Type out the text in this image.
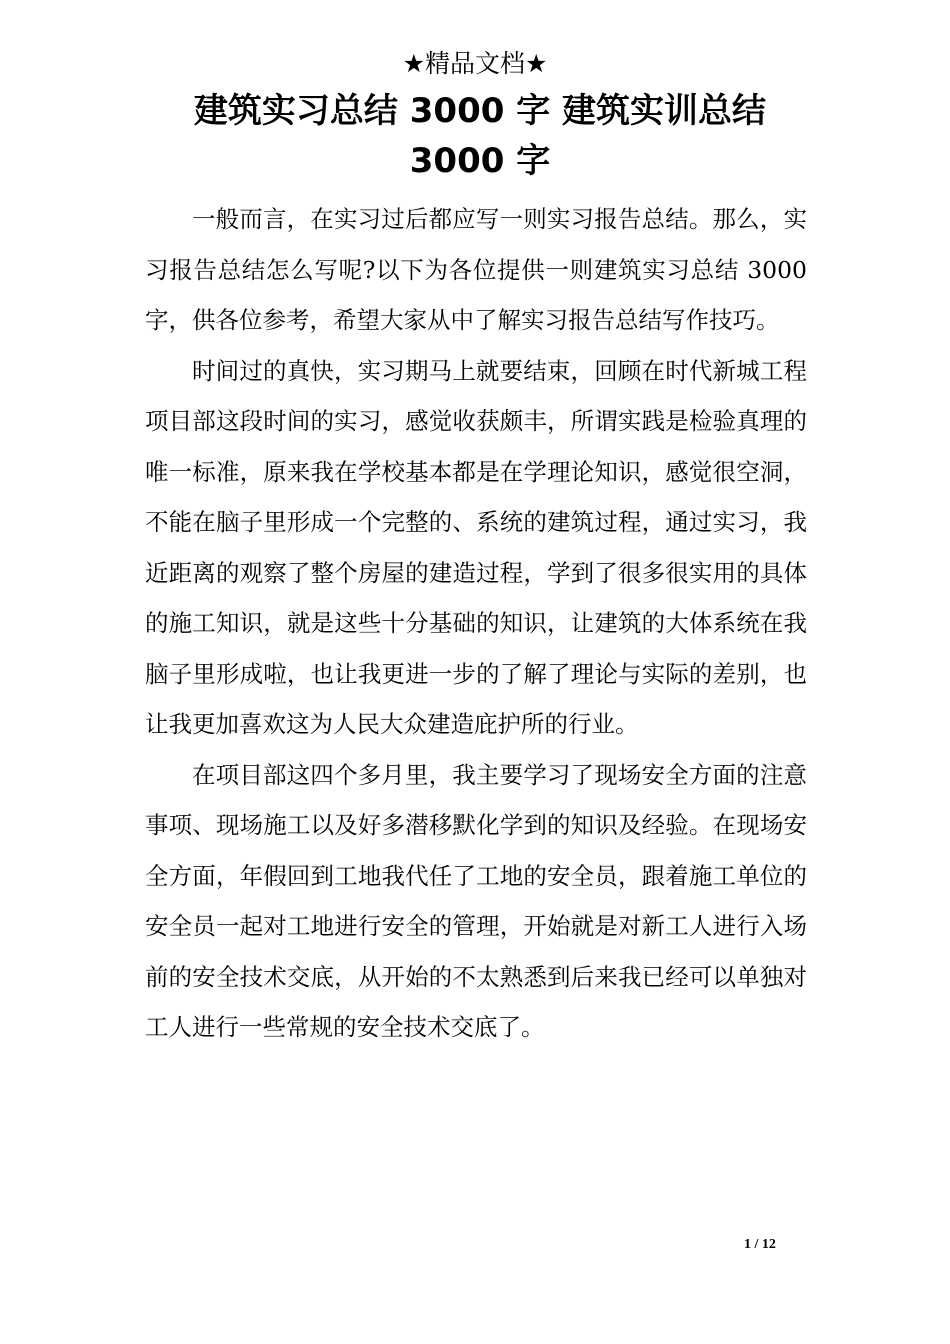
★精品文档★
建筑实习总结 3000 字 建筑实训总结 3000 字

一般而言，在实习过后都应写一则实习报告总结。那么，实习报告总结怎么写呢?以下为各位提供一则建筑实习总结 3000 字，供各位参考，希望大家从中了解实习报告总结写作技巧。

时间过的真快，实习期马上就要结束，回顾在时代新城工程项目部这段时间的实习，感觉收获颇丰，所谓实践是检验真理的唯一标准，原来我在学校基本都是在学理论知识，感觉很空洞，不能在脑子里形成一个完整的、系统的建筑过程，通过实习，我近距离的观察了整个房屋的建造过程，学到了很多很实用的具体的施工知识，就是这些十分基础的知识，让建筑的大体系统在我脑子里形成啦，也让我更进一步的了解了理论与实际的差别，也让我更加喜欢这为人民大众建造庇护所的行业。

在项目部这四个多月里，我主要学习了现场安全方面的注意事项、现场施工以及好多潜移默化学到的知识及经验。在现场安全方面，年假回到工地我代任了工地的安全员，跟着施工单位的安全员一起对工地进行安全的管理，开始就是对新工人进行入场前的安全技术交底，从开始的不太熟悉到后来我已经可以单独对工人进行一些常规的安全技术交底了。

1 / 12
